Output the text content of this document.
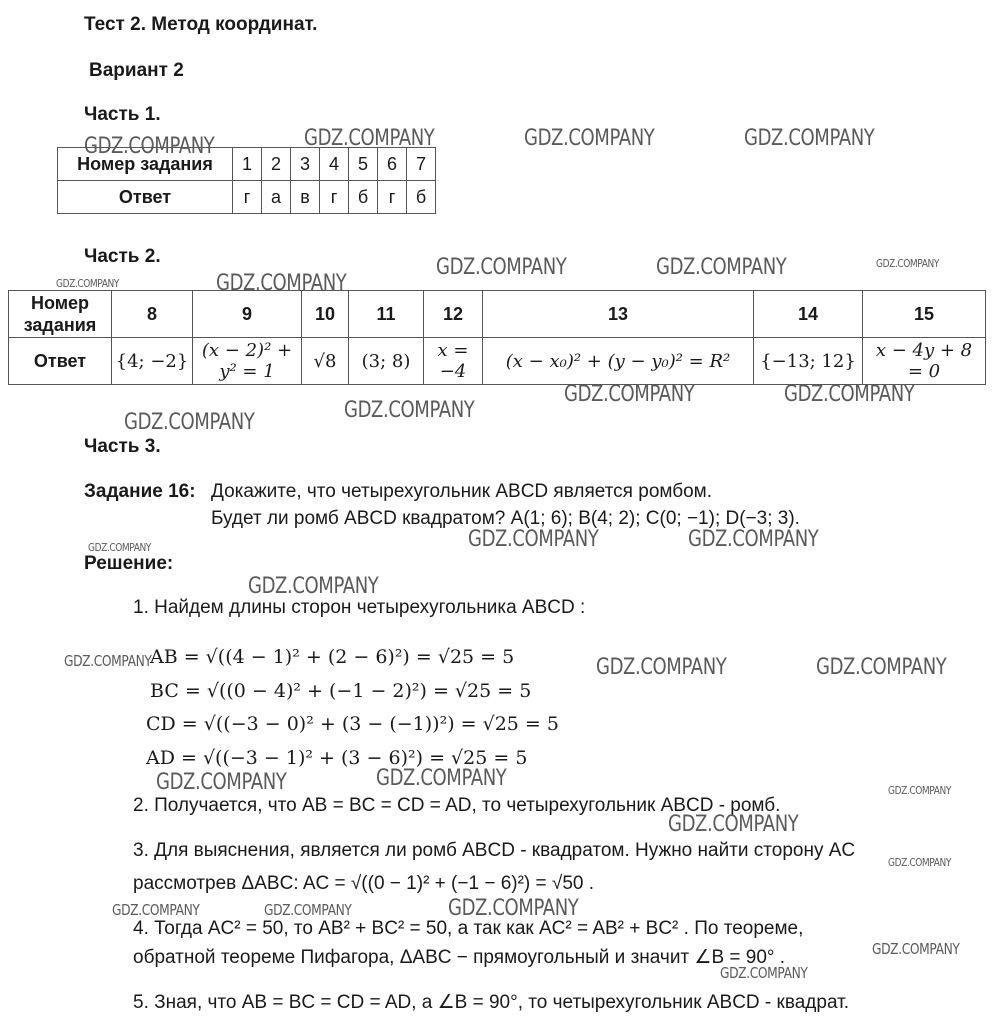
Тест 2. Метод координат.
Вариант 2
Часть 1.
Номер задания	1	2	3	4	5	6	7
Ответ	г	а	в	г	б	г	б
Часть 2.
Номер задания	8	9	10	11	12	13	14	15
Ответ	{4; −2}	(x − 2)² + y² = 1	√8	(3; 8)	x = −4	(x − x₀)² + (y − y₀)² = R²	{−13; 12}	x − 4y + 8 = 0
Часть 3.
Задание 16: Докажите, что четырехугольник ABCD является ромбом.
Будет ли ромб ABCD квадратом? A(1; 6); B(4; 2); C(0; −1); D(−3; 3).
Решение:
1. Найдем длины сторон четырехугольника ABCD :
AB = √((4 − 1)² + (2 − 6)²) = √25 = 5
BC = √((0 − 4)² + (−1 − 2)²) = √25 = 5
CD = √((−3 − 0)² + (3 − (−1))²) = √25 = 5
AD = √((−3 − 1)² + (3 − 6)²) = √25 = 5
2. Получается, что AB = BC = CD = AD, то четырехугольник ABCD - ромб.
3. Для выяснения, является ли ромб ABCD - квадратом. Нужно найти сторону AC
рассмотрев ΔABC: AC = √((0 − 1)² + (−1 − 6)²) = √50 .
4. Тогда AC² = 50, то AB² + BC² = 50, а так как AC² = AB² + BC² . По теореме,
обратной теореме Пифагора, ΔABC − прямоугольный и значит ∠B = 90° .
5. Зная, что AB = BC = CD = AD, а ∠B = 90°, то четырехугольник ABCD - квадрат.
GDZ.COMPANY	GDZ.COMPANY	GDZ.COMPANY	GDZ.COMPANY
GDZ.COMPANY	GDZ.COMPANY
GDZ.COMPANY	GDZ.COMPANY	GDZ.COMPANY
GDZ.COMPANY	GDZ.COMPANY
GDZ.COMPANY	GDZ.COMPANY
GDZ.COMPANY	GDZ.COMPANY
GDZ.COMPANY
GDZ.COMPANY
GDZ.COMPANY	GDZ.COMPANY	GDZ.COMPANY
GDZ.COMPANY	GDZ.COMPANY	GDZ.COMPANY
GDZ.COMPANY
GDZ.COMPANY
GDZ.COMPANY	GDZ.COMPANY	GDZ.COMPANY
GDZ.COMPANY
GDZ.COMPANY
